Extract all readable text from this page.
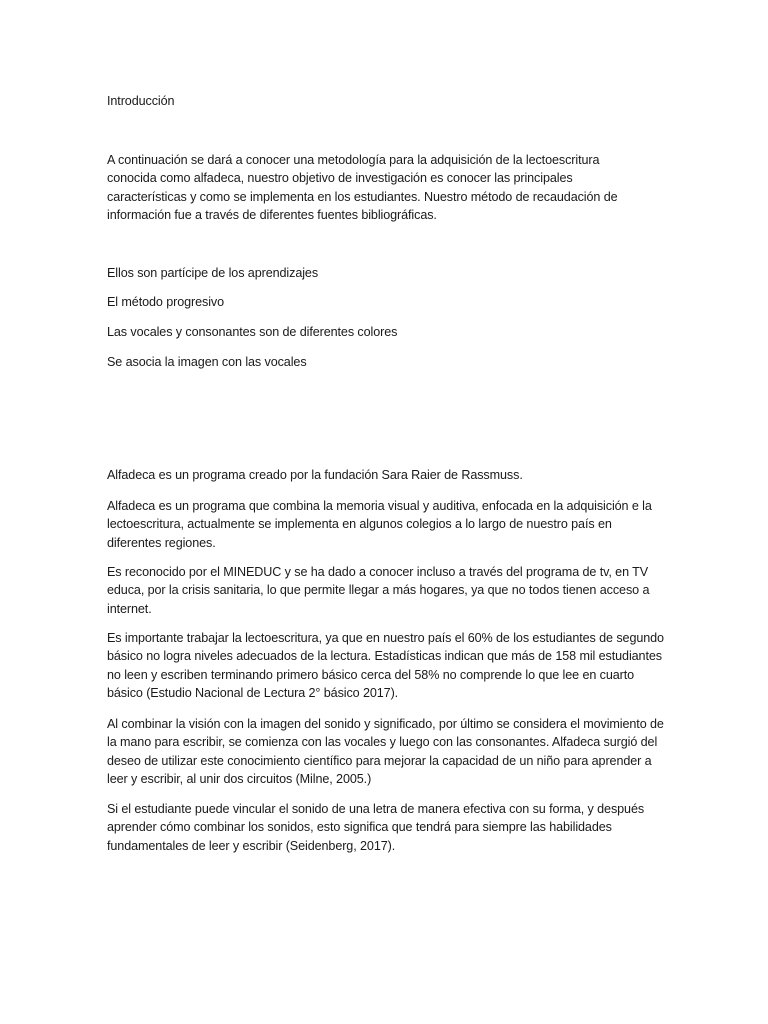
Introducción

A continuación se dará a conocer una metodología para la adquisición de la lectoescritura conocida como alfadeca, nuestro objetivo de investigación es conocer las principales características y como se implementa en los estudiantes. Nuestro método de recaudación de información fue a través de diferentes fuentes bibliográficas.

Ellos son partícipe de los aprendizajes

El método progresivo

Las vocales y consonantes son de diferentes colores

Se asocia la imagen con las vocales

Alfadeca es un programa creado por la fundación Sara Raier de Rassmuss.

Alfadeca es un programa que combina la memoria visual y auditiva, enfocada en la adquisición e la lectoescritura, actualmente se implementa en algunos colegios a lo largo de nuestro país en diferentes regiones.

Es reconocido por el MINEDUC y se ha dado a conocer incluso a través del programa de tv, en TV educa, por la crisis sanitaria, lo que permite llegar a más hogares, ya que no todos tienen acceso a internet.

Es importante trabajar la lectoescritura, ya que en nuestro país el 60% de los estudiantes de segundo básico no logra niveles adecuados de la lectura. Estadísticas indican que más de 158 mil estudiantes no leen y escriben terminando primero básico cerca del 58% no comprende lo que lee en cuarto básico (Estudio Nacional de Lectura 2° básico 2017).

Al combinar la visión con la imagen del sonido y significado, por último se considera el movimiento de la mano para escribir, se comienza con las vocales y luego con las consonantes. Alfadeca surgió del deseo de utilizar este conocimiento científico para mejorar la capacidad de un niño para aprender a leer y escribir, al unir dos circuitos (Milne, 2005.)

Si el estudiante puede vincular el sonido de una letra de manera efectiva con su forma, y después aprender cómo combinar los sonidos, esto significa que tendrá para siempre las habilidades fundamentales de leer y escribir (Seidenberg, 2017).
